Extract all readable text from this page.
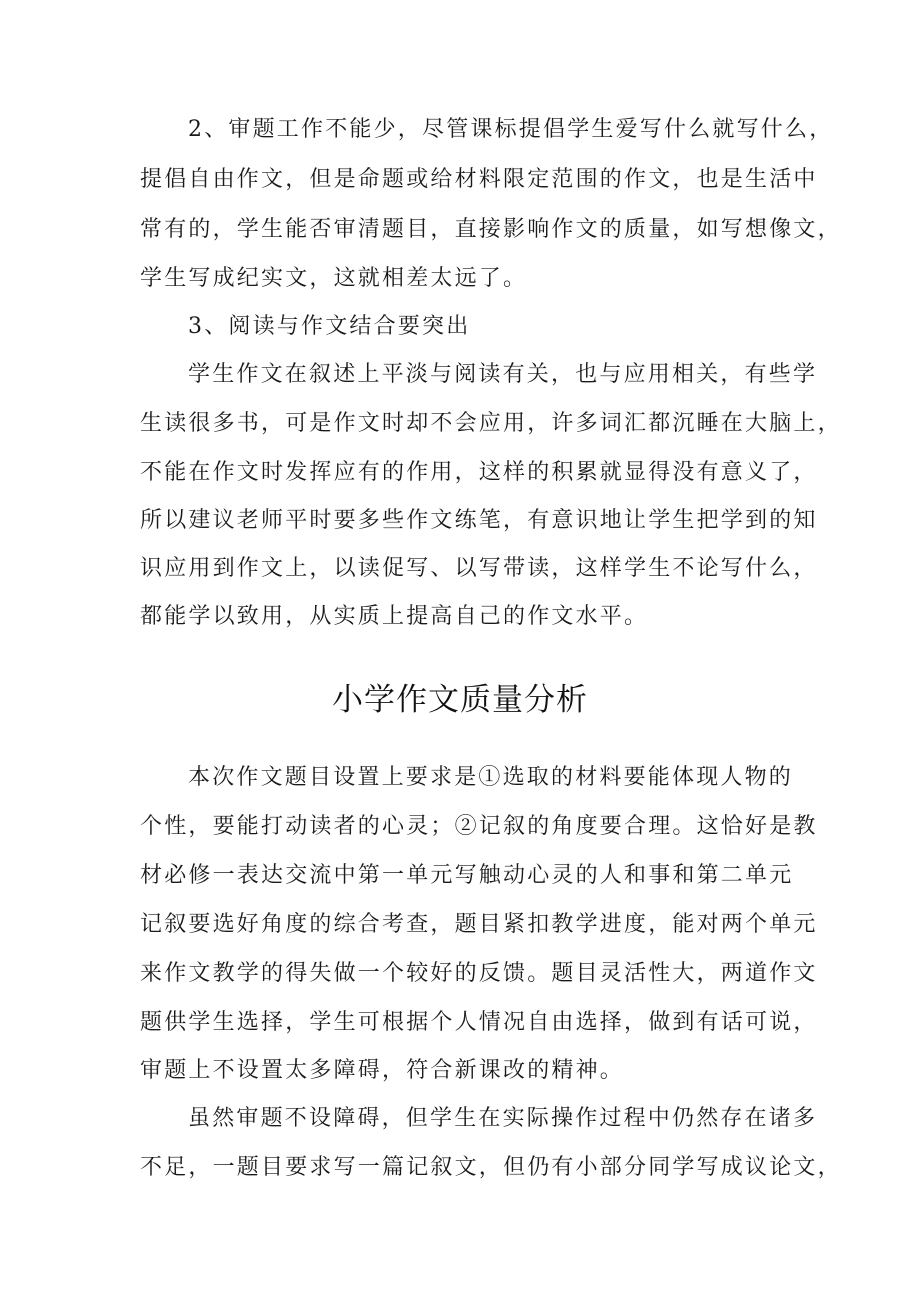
2、审题工作不能少，尽管课标提倡学生爱写什么就写什么，
提倡自由作文，但是命题或给材料限定范围的作文，也是生活中
常有的，学生能否审清题目，直接影响作文的质量，如写想像文，
学生写成纪实文，这就相差太远了。
3、阅读与作文结合要突出
学生作文在叙述上平淡与阅读有关，也与应用相关，有些学
生读很多书，可是作文时却不会应用，许多词汇都沉睡在大脑上，
不能在作文时发挥应有的作用，这样的积累就显得没有意义了，
所以建议老师平时要多些作文练笔，有意识地让学生把学到的知
识应用到作文上，以读促写、以写带读，这样学生不论写什么，
都能学以致用，从实质上提高自己的作文水平。
小学作文质量分析
本次作文题目设置上要求是①选取的材料要能体现人物的
个性，要能打动读者的心灵；②记叙的角度要合理。这恰好是教
材必修一表达交流中第一单元写触动心灵的人和事和第二单元
记叙要选好角度的综合考查，题目紧扣教学进度，能对两个单元
来作文教学的得失做一个较好的反馈。题目灵活性大，两道作文
题供学生选择，学生可根据个人情况自由选择，做到有话可说，
审题上不设置太多障碍，符合新课改的精神。
虽然审题不设障碍，但学生在实际操作过程中仍然存在诸多
不足，一题目要求写一篇记叙文，但仍有小部分同学写成议论文，
